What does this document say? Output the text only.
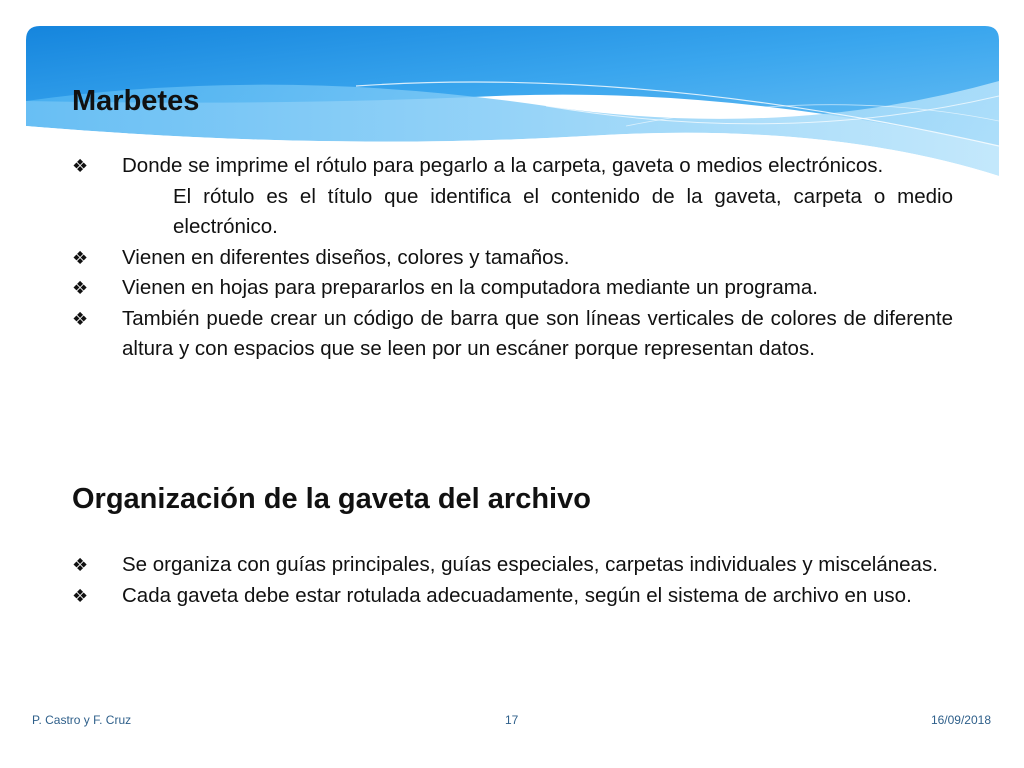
Marbetes
❖ Donde se imprime el rótulo para pegarlo a la carpeta, gaveta o medios electrónicos.
El rótulo es el título que identifica el contenido de la gaveta, carpeta o medio electrónico.
❖ Vienen en diferentes diseños, colores y tamaños.
❖ Vienen en hojas para prepararlos en la computadora mediante un programa.
❖ También puede crear un código de barra que son líneas verticales de colores de diferente altura y con espacios que se leen por un escáner porque representan datos.
Organización de la gaveta del archivo
❖ Se organiza con guías principales, guías especiales, carpetas individuales y misceláneas.
❖ Cada gaveta debe estar rotulada adecuadamente, según el sistema de archivo en uso.
P. Castro y F. Cruz	17	16/09/2018
